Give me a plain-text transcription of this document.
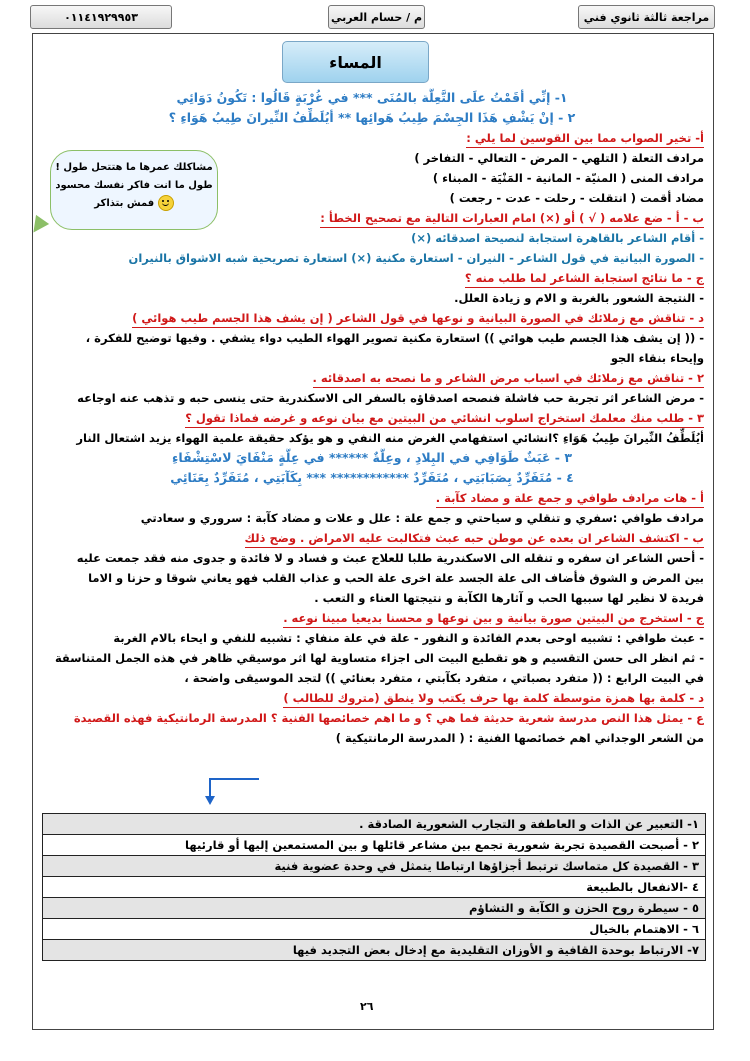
٠١١٤١٩٢٩٩٥٣	م / حسام العربي	مراجعة ثالثة ثانوي فني
المساء
١- إنِّي أقَمْتُ علَى التَّعِلَّة بالمُنَى *** في غُرْبَةٍ قَالُوا : تَكُونُ دَوَائِي
٢ - إنْ يَشْفِ هَذَا الجِسْمَ طِيبُ هَوائِها ** أيُلَطِّفُ النِّيرانَ طِيبُ هَوَاءِ ؟
أ- تخير الصواب مما بين القوسين لما يلي :
مرادف التعلة ( التلهي - المرض - التعالي - التفاخر )
مرادف المنى ( المنيّة - المانية - المَنْيَة - المبناء )
مضاد أقمت ( انتقلت - رحلت - عدت - رجعت )
ب - أ - ضع علامه ( √ ) أو (×) امام العبارات التالية مع تصحيح الخطأ :
- أقام الشاعر بالقاهرة استجابة لنصيحة اصدقائه (×)
- الصورة البيانية في قول الشاعر - النيران - استعارة مكنية (×) استعارة تصريحية شبه الاشواق بالنيران
ج - ما نتائج استجابة الشاعر لما طلب منه ؟
- النتيجة الشعور بالغربة و الام و زيادة العلل.
د - تناقش مع زملائك في الصورة البيانية و نوعها في قول الشاعر ( إن يشف هذا الجسم طيب هوائي )
- (( إن يشف هذا الجسم طيب هوائي )) استعارة مكنية تصوير الهواء الطيب دواء يشفي . وفيها توضيح للفكرة ،
وإيحاء بنقاء الجو
٢ - تناقش مع زملائك في اسباب مرض الشاعر و ما نصحه به اصدقائه .
- مرض الشاعر اثر تجربة حب فاشلة فنصحه اصدقاؤه بالسفر الى الاسكندرية حتى ينسى حبه و تذهب عنه اوجاعه
٣ - طلب منك معلمك استخراج اسلوب انشائي من البيتين مع بيان نوعه و غرضه فماذا تقول ؟
أيُلَطِّفُ النِّيرانَ طِيبُ هَوَاءِ ؟انشائي استفهامي الغرض منه النفي و هو يؤكد حقيقة علمية الهواء يزيد اشتعال النار
٣ - عَبَثٌ طَوَافِي في البِلادِ ، وعِلَّةٌ ****** في عِلَّةٍ مَنْفَايَ لاسْتِشْفَاءِ
٤ - مُتَفَرِّدٌ بِصَبَابَتِي ، مُتَفَرِّدٌ ************ *** بِكَآبَتِي ، مُتَفَرِّدٌ بِعَنَائِي
أ - هات مرادف طوافي و جمع علة و مضاد كآبة .
مرادف طوافي :سفري و تنقلي و سياحتي و جمع علة : علل و علات و مضاد كآبة : سروري و سعادتي
ب - اكتشف الشاعر ان بعده عن موطن حبه عبث فتكالبت عليه الامراض . وضح ذلك
- أحس الشاعر ان سفره و تنقله الى الاسكندرية طلبا للعلاج عبث و فساد و لا فائدة و جدوى منه فقد جمعت عليه
بين المرض و الشوق فأضاف الى علة الجسد علة اخرى علة الحب و عذاب القلب فهو يعاني شوقا و حزنا و الاما
فريدة لا نظير لها سببها الحب و آثارها الكآبة و نتيجتها العناء و التعب .
ج - استخرج من البيتين صورة بيانية و بين نوعها و محسنا بديعيا مبينا نوعه .
- عبث طوافي : تشبيه اوحى بعدم الفائدة و النفور - علة في علة منفاي : تشبيه للنفي و ايحاء بالام الغربة
- ثم انظر الى حسن التقسيم و هو تقطيع البيت الى اجزاء متساوية لها اثر موسيقي ظاهر في هذه الجمل المتناسقة
في البيت الرابع : (( متفرد بصباتي ، متفرد بكآبتي ، متفرد بعنائي )) لتجد الموسيقى واضحة ،
د - كلمة بها همزة متوسطة كلمة بها حرف يكتب ولا ينطق (متروك للطالب )
ع - يمثل هذا النص مدرسة شعرية حديثة فما هي ؟ و ما اهم خصائصها الفنية ؟ المدرسة الرمانتيكية فهذه القصيدة
من الشعر الوجداني اهم خصائصها الفنية : ( المدرسة الرمانتيكية )
مشاكلك عمرها ما هتتحل طول !
طول ما انت فاكر نفسك محسود
فمش بتذاكر
١- التعبير عن الذات و العاطفة و التجارب الشعورية الصادقة .
٢ - أصبحت القصيدة تجربة شعورية تجمع بين مشاعر قائلها و بين المستمعين إليها أو قارئيها
٣ - القصيدة كل متماسك ترتبط أجزاؤها ارتباطا يتمثل في وحدة عضوية فنية
٤ -الانفعال بالطبيعة
٥ - سيطرة روح الحزن و الكآبة و التشاؤم
٦ - الاهتمام بالخيال
٧- الارتباط بوحدة القافية و الأوزان التقليدية مع إدخال بعض التجديد فيها
٢٦
